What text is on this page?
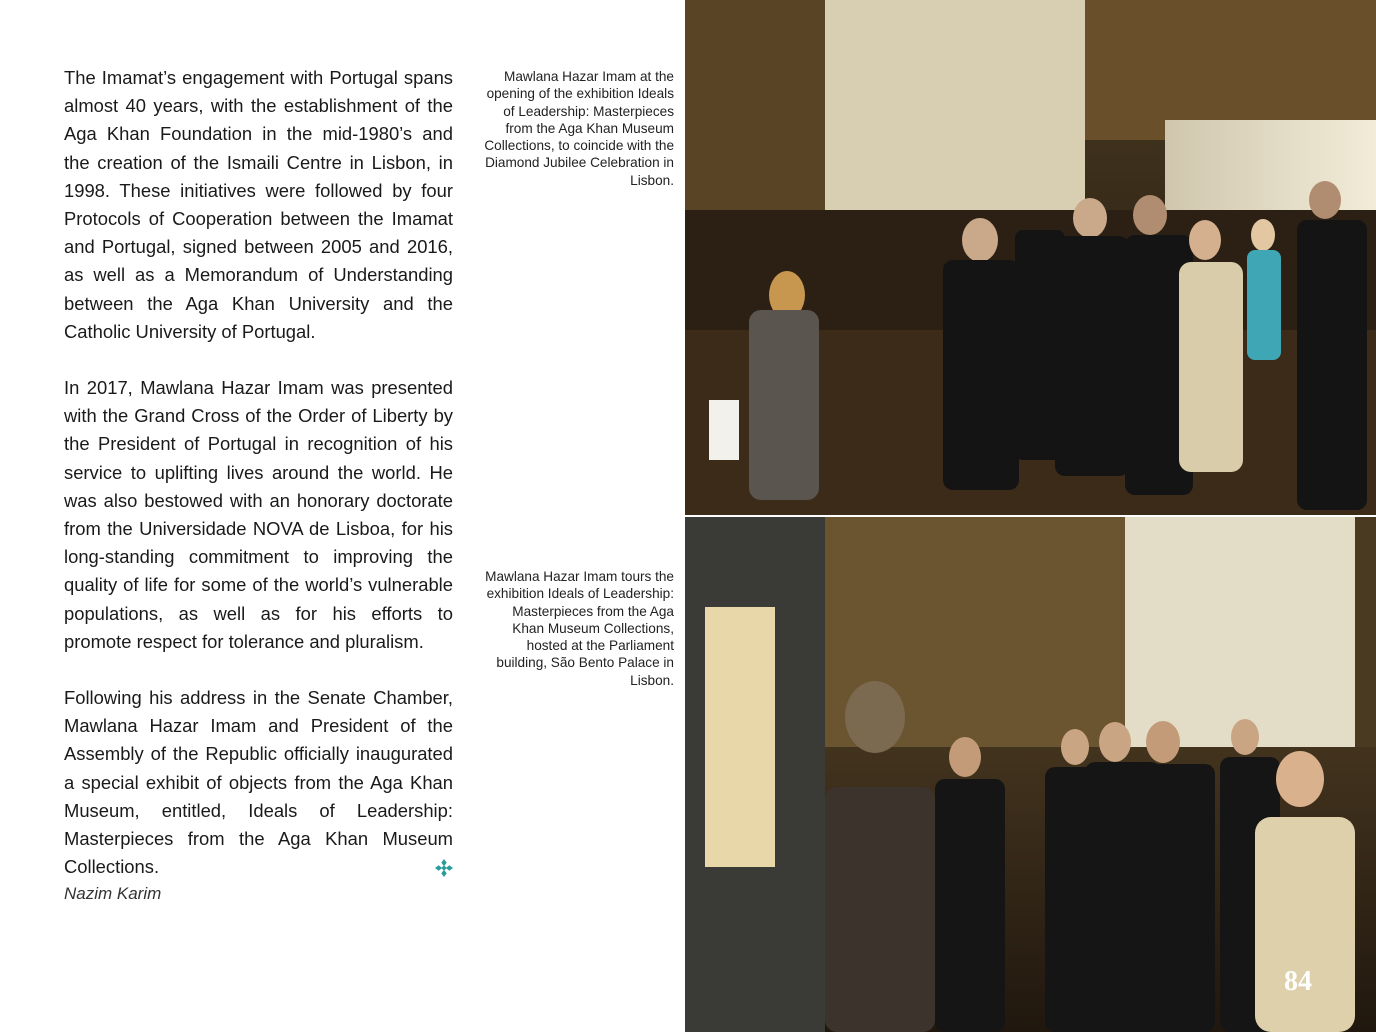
The Imamat’s engagement with Portugal spans almost 40 years, with the establishment of the Aga Khan Foundation in the mid-1980’s and the creation of the Ismaili Centre in Lisbon, in 1998. These initiatives were followed by four Protocols of Cooperation between the Imamat and Portugal, signed between 2005 and 2016, as well as a Memorandum of Understanding between the Aga Khan University and the Catholic University of Portugal.

In 2017, Mawlana Hazar Imam was presented with the Grand Cross of the Order of Liberty by the President of Portugal in recognition of his service to uplifting lives around the world. He was also bestowed with an honorary doctorate from the Universidade NOVA de Lisboa, for his long-standing commitment to improving the quality of life for some of the world’s vulnerable populations, as well as for his efforts to promote respect for tolerance and pluralism.

Following his address in the Senate Chamber, Mawlana Hazar Imam and President of the Assembly of the Republic officially inaugurated a special exhibit of objects from the Aga Khan Museum, entitled, Ideals of Leadership: Masterpieces from the Aga Khan Museum Collections.

Nazim Karim
Mawlana Hazar Imam at the opening of the exhibition Ideals of Leadership: Masterpieces from the Aga Khan Museum Collections, to coincide with the Diamond Jubilee Celebration in Lisbon.
Mawlana Hazar Imam tours the exhibition Ideals of Leadership: Masterpieces from the Aga Khan Museum Collections, hosted at the Parliament building, São Bento Palace in Lisbon.
84
